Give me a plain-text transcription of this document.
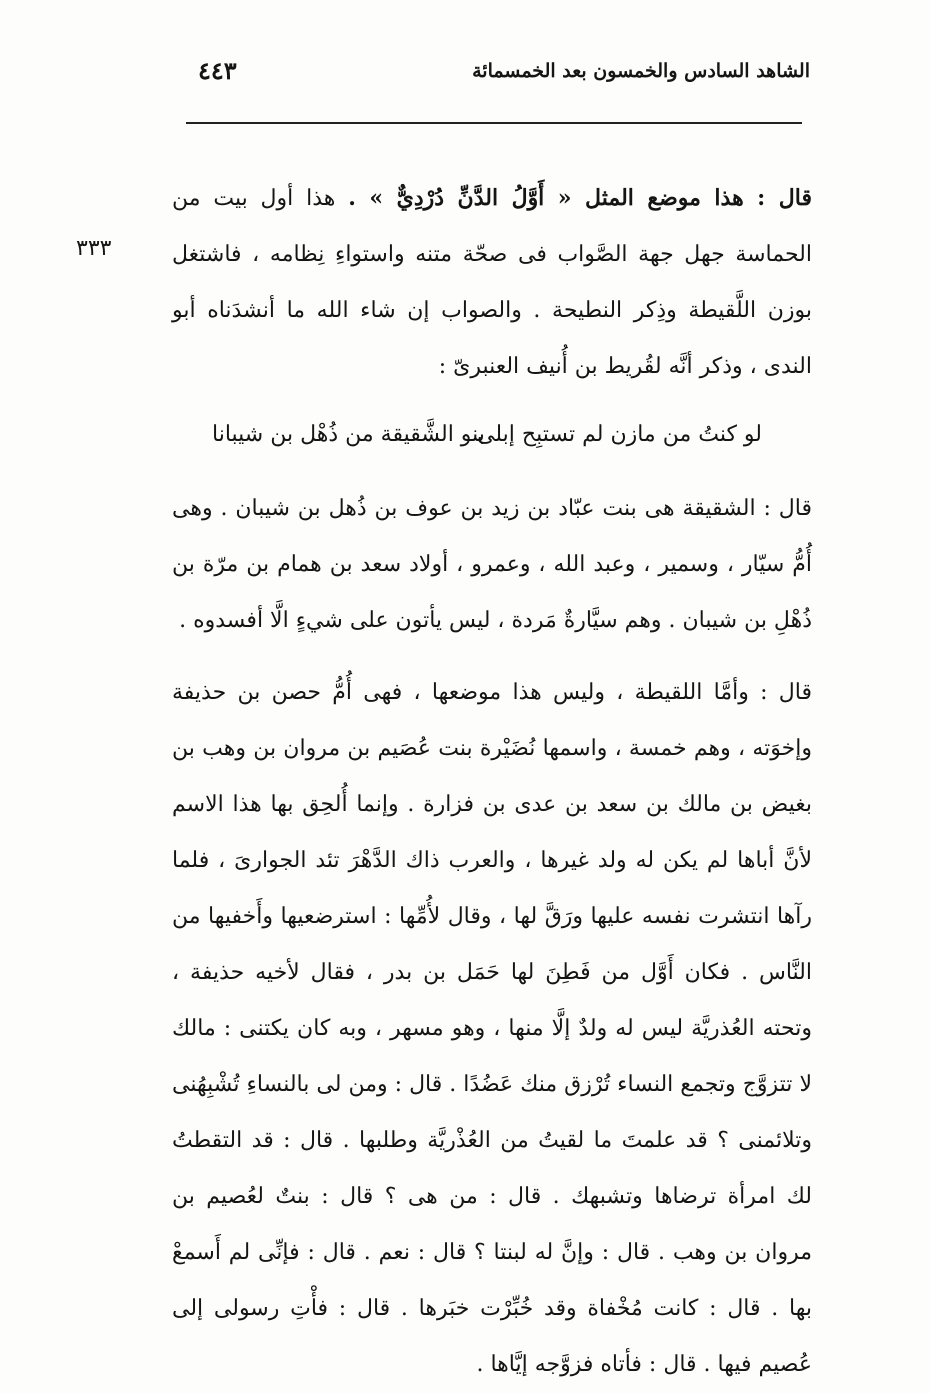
الشاهد السادس والخمسون بعد الخمسمائة
٤٤٣
٣٣٣

قال : هذا موضع المثل « أَوَّلُ الدَّنِّ دُرْدِيٌّ » . هذا أول بيت من الحماسة جهل جهة الصَّواب فى صحّة متنه واستواءِ نِظامه ، فاشتغل بوزن اللَّقيطة وذِكر النطيحة . والصواب إن شاء الله ما أنشدَناه أبو الندى ، وذكر أنَّه لقُريط بن أُنيف العنبرىّ :

لو كنتُ من مازن لم تستبِح إبلى
بنو الشَّقيقة من ذُهْل بن شيبانا

قال : الشقيقة هى بنت عبّاد بن زيد بن عوف بن ذُهل بن شيبان . وهى أُمُّ سيّار ، وسمير ، وعبد الله ، وعمرو ، أولاد سعد بن همام بن مرّة بن ذُهْلِ بن شيبان . وهم سيَّارةٌ مَردة ، ليس يأتون على شيءٍ الَّا أفسدوه .

قال : وأمَّا اللقيطة ، وليس هذا موضعها ، فهى أُمُّ حصن بن حذيفة وإخوَته ، وهم خمسة ، واسمها نُضَيْرة بنت عُصَيم بن مروان بن وهب بن بغيض بن مالك بن سعد بن عدى بن فزارة . وإنما أُلحِق بها هذا الاسم لأنَّ أباها لم يكن له ولد غيرها ، والعرب ذاك الدَّهْرَ تئد الجوارىَ ، فلما رآها انتشرت نفسه عليها ورَقَّ لها ، وقال لأُمِّها : استرضعيها وأَخفيها من النَّاس . فكان أَوَّل من فَطِنَ لها حَمَل بن بدر ، فقال لأخيه حذيفة ، وتحته العُذريَّة ليس له ولدٌ إلَّا منها ، وهو مسهر ، وبه كان يكتنى : مالك لا تتزوَّج وتجمع النساء تُرْزق منك عَضُدًا . قال : ومن لى بالنساءِ تُشْبِهُنى وتلائمنى ؟ قد علمتَ ما لقيتُ من العُذْريَّة وطلبها . قال : قد التقطتُ لك امرأة ترضاها وتشبهك . قال : من هى ؟ قال : بنتٌ لعُصيم بن مروان بن وهب . قال : وإنَّ له لبنتا ؟ قال : نعم . قال : فإنِّى لم أَسمعْ بها . قال : كانت مُخْفاة وقد خُبِّرْت خبَرها . قال : فأْتِ رسولى إلى عُصيم فيها . قال : فأتاه فزوَّجه إيَّاها .
